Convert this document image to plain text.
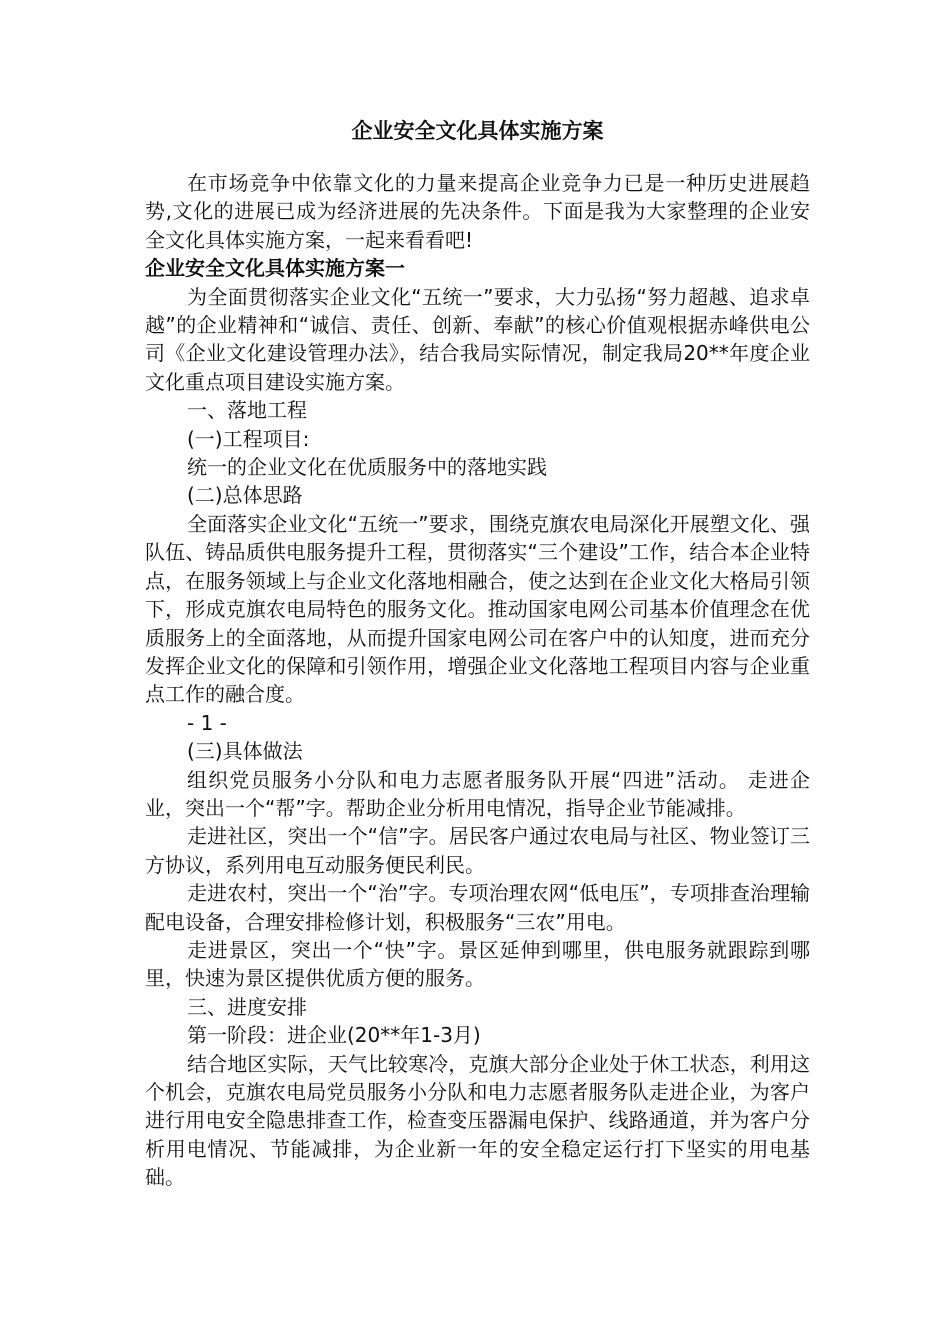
企业安全文化具体实施方案

在市场竞争中依靠文化的力量来提高企业竞争力已是一种历史进展趋势,文化的进展已成为经济进展的先决条件。下面是我为大家整理的企业安全文化具体实施方案，一起来看看吧!

企业安全文化具体实施方案一

为全面贯彻落实企业文化“五统一”要求，大力弘扬“努力超越、追求卓越”的企业精神和“诚信、责任、创新、奉献”的核心价值观根据赤峰供电公司《企业文化建设管理办法》，结合我局实际情况，制定我局20**年度企业文化重点项目建设实施方案。

一、落地工程

(一)工程项目:

统一的企业文化在优质服务中的落地实践

(二)总体思路

全面落实企业文化“五统一”要求，围绕克旗农电局深化开展塑文化、强队伍、铸品质供电服务提升工程，贯彻落实“三个建设”工作，结合本企业特点，在服务领域上与企业文化落地相融合，使之达到在企业文化大格局引领下，形成克旗农电局特色的服务文化。推动国家电网公司基本价值理念在优质服务上的全面落地，从而提升国家电网公司在客户中的认知度，进而充分发挥企业文化的保障和引领作用，增强企业文化落地工程项目内容与企业重点工作的融合度。

- 1 -

(三)具体做法

组织党员服务小分队和电力志愿者服务队开展“四进”活动。 走进企业，突出一个“帮”字。帮助企业分析用电情况，指导企业节能减排。

走进社区，突出一个“信”字。居民客户通过农电局与社区、物业签订三方协议，系列用电互动服务便民利民。

走进农村，突出一个“治”字。专项治理农网“低电压”，专项排查治理输配电设备，合理安排检修计划，积极服务“三农”用电。

走进景区，突出一个“快”字。景区延伸到哪里，供电服务就跟踪到哪里，快速为景区提供优质方便的服务。

三、进度安排

第一阶段：进企业(20**年1-3月)

结合地区实际，天气比较寒冷，克旗大部分企业处于休工状态，利用这个机会，克旗农电局党员服务小分队和电力志愿者服务队走进企业，为客户进行用电安全隐患排查工作，检查变压器漏电保护、线路通道，并为客户分析用电情况、节能减排，为企业新一年的安全稳定运行打下坚实的用电基础。
